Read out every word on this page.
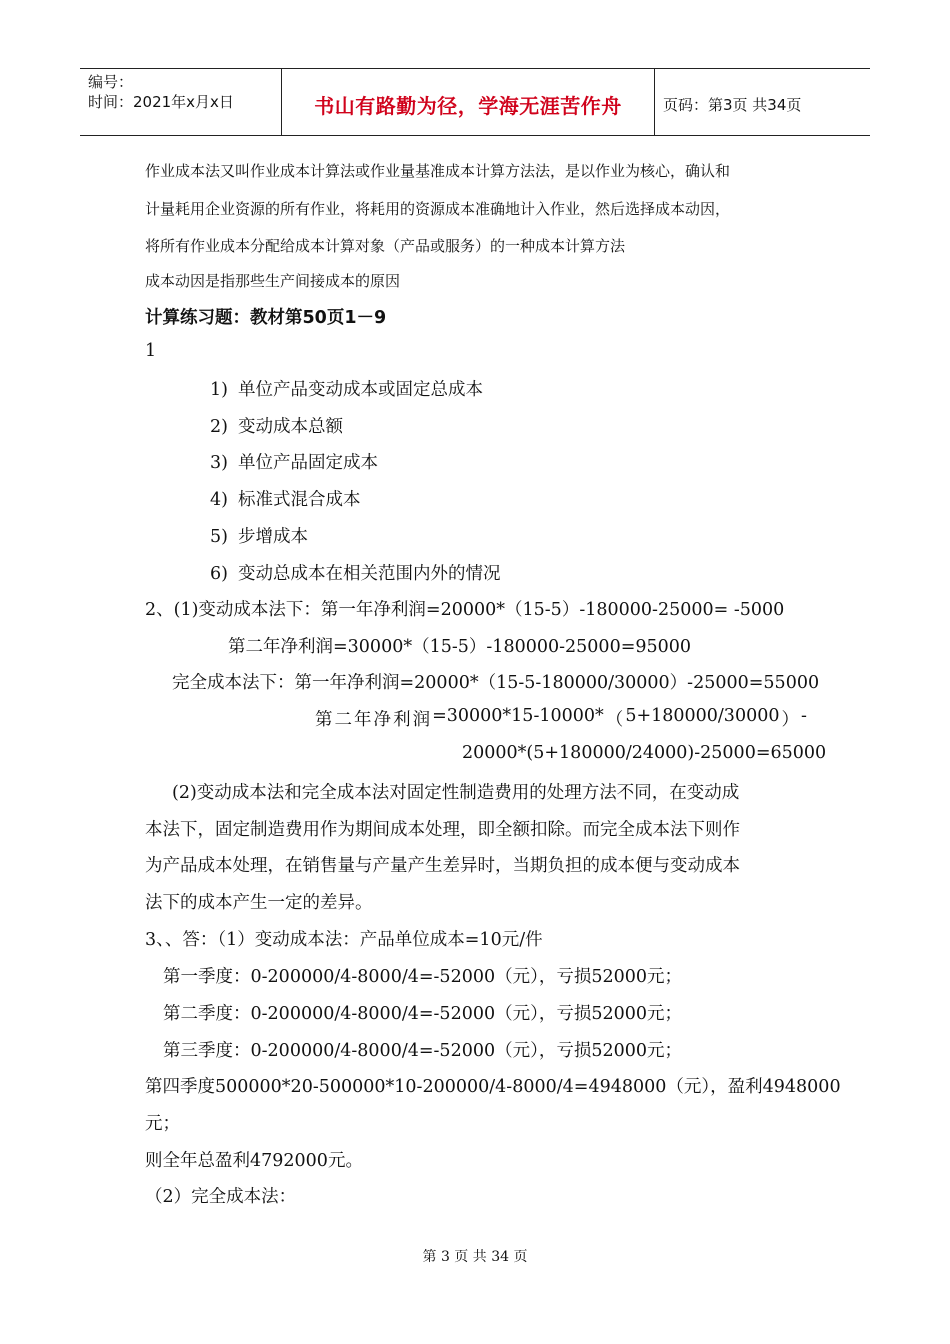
编号：
时间：2021年x月x日	书山有路勤为径，学海无涯苦作舟	页码：第3页 共34页
作业成本法又叫作业成本计算法或作业量基准成本计算方法法，是以作业为核心，确认和
计量耗用企业资源的所有作业，将耗用的资源成本准确地计入作业，然后选择成本动因，
将所有作业成本分配给成本计算对象（产品或服务）的一种成本计算方法
成本动因是指那些生产间接成本的原因
计算练习题：教材第50页1－9
1
1) 单位产品变动成本或固定总成本
2) 变动成本总额
3) 单位产品固定成本
4) 标准式混合成本
5) 步增成本
6) 变动总成本在相关范围内外的情况
2、(1)变动成本法下：第一年净利润=20000*（15-5）-180000-25000= -5000
第二年净利润=30000*（15-5）-180000-25000=95000
完全成本法下：第一年净利润=20000*（15-5-180000/30000）-25000=55000
第 二 年 净 利 润 =30000*15-10000* （ 5+180000/30000 ） -
20000*(5+180000/24000)-25000=65000
(2)变动成本法和完全成本法对固定性制造费用的处理方法不同，在变动成
本法下，固定制造费用作为期间成本处理，即全额扣除。而完全成本法下则作
为产品成本处理，在销售量与产量产生差异时，当期负担的成本便与变动成本
法下的成本产生一定的差异。
3、、答：（1）变动成本法：产品单位成本=10元/件
第一季度：0-200000/4-8000/4=-52000（元），亏损52000元；
第二季度：0-200000/4-8000/4=-52000（元），亏损52000元；
第三季度：0-200000/4-8000/4=-52000（元），亏损52000元；
第四季度500000*20-500000*10-200000/4-8000/4=4948000（元），盈利4948000
元；
则全年总盈利4792000元。
（2）完全成本法：
第 3 页 共 34 页
